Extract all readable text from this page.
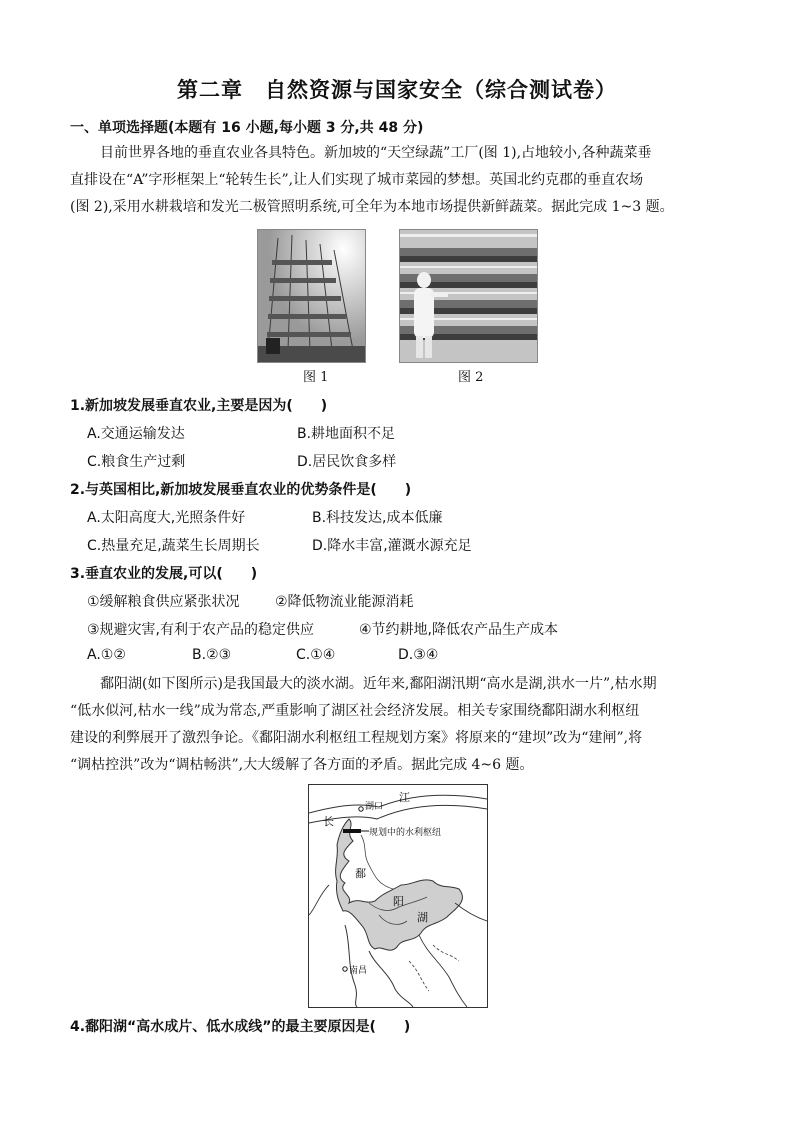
第二章　自然资源与国家安全（综合测试卷）
一、单项选择题(本题有 16 小题,每小题 3 分,共 48 分)
目前世界各地的垂直农业各具特色。新加坡的“天空绿蔬”工厂(图 1),占地较小,各种蔬菜垂
直排设在“A”字形框架上“轮转生长”,让人们实现了城市菜园的梦想。英国北约克郡的垂直农场
(图 2),采用水耕栽培和发光二极管照明系统,可全年为本地市场提供新鲜蔬菜。据此完成 1~3 题。
图 1	图 2
1.新加坡发展垂直农业,主要是因为(　　)
A.交通运输发达	B.耕地面积不足
C.粮食生产过剩	D.居民饮食多样
2.与英国相比,新加坡发展垂直农业的优势条件是(　　)
A.太阳高度大,光照条件好	B.科技发达,成本低廉
C.热量充足,蔬菜生长周期长	D.降水丰富,灌溉水源充足
3.垂直农业的发展,可以(　　)
①缓解粮食供应紧张状况	②降低物流业能源消耗
③规避灾害,有利于农产品的稳定供应	④节约耕地,降低农产品生产成本
A.①②	B.②③	C.①④	D.③④
鄱阳湖(如下图所示)是我国最大的淡水湖。近年来,鄱阳湖汛期“高水是湖,洪水一片”,枯水期
“低水似河,枯水一线”成为常态,严重影响了湖区社会经济发展。相关专家围绕鄱阳湖水利枢纽
建设的利弊展开了激烈争论。《鄱阳湖水利枢纽工程规划方案》将原来的“建坝”改为“建闸”,将
“调枯控洪”改为“调枯畅洪”,大大缓解了各方面的矛盾。据此完成 4~6 题。
江
长
湖口
规划中的水利枢纽
鄱
阳
湖
南昌
4.鄱阳湖“高水成片、低水成线”的最主要原因是(　　)
